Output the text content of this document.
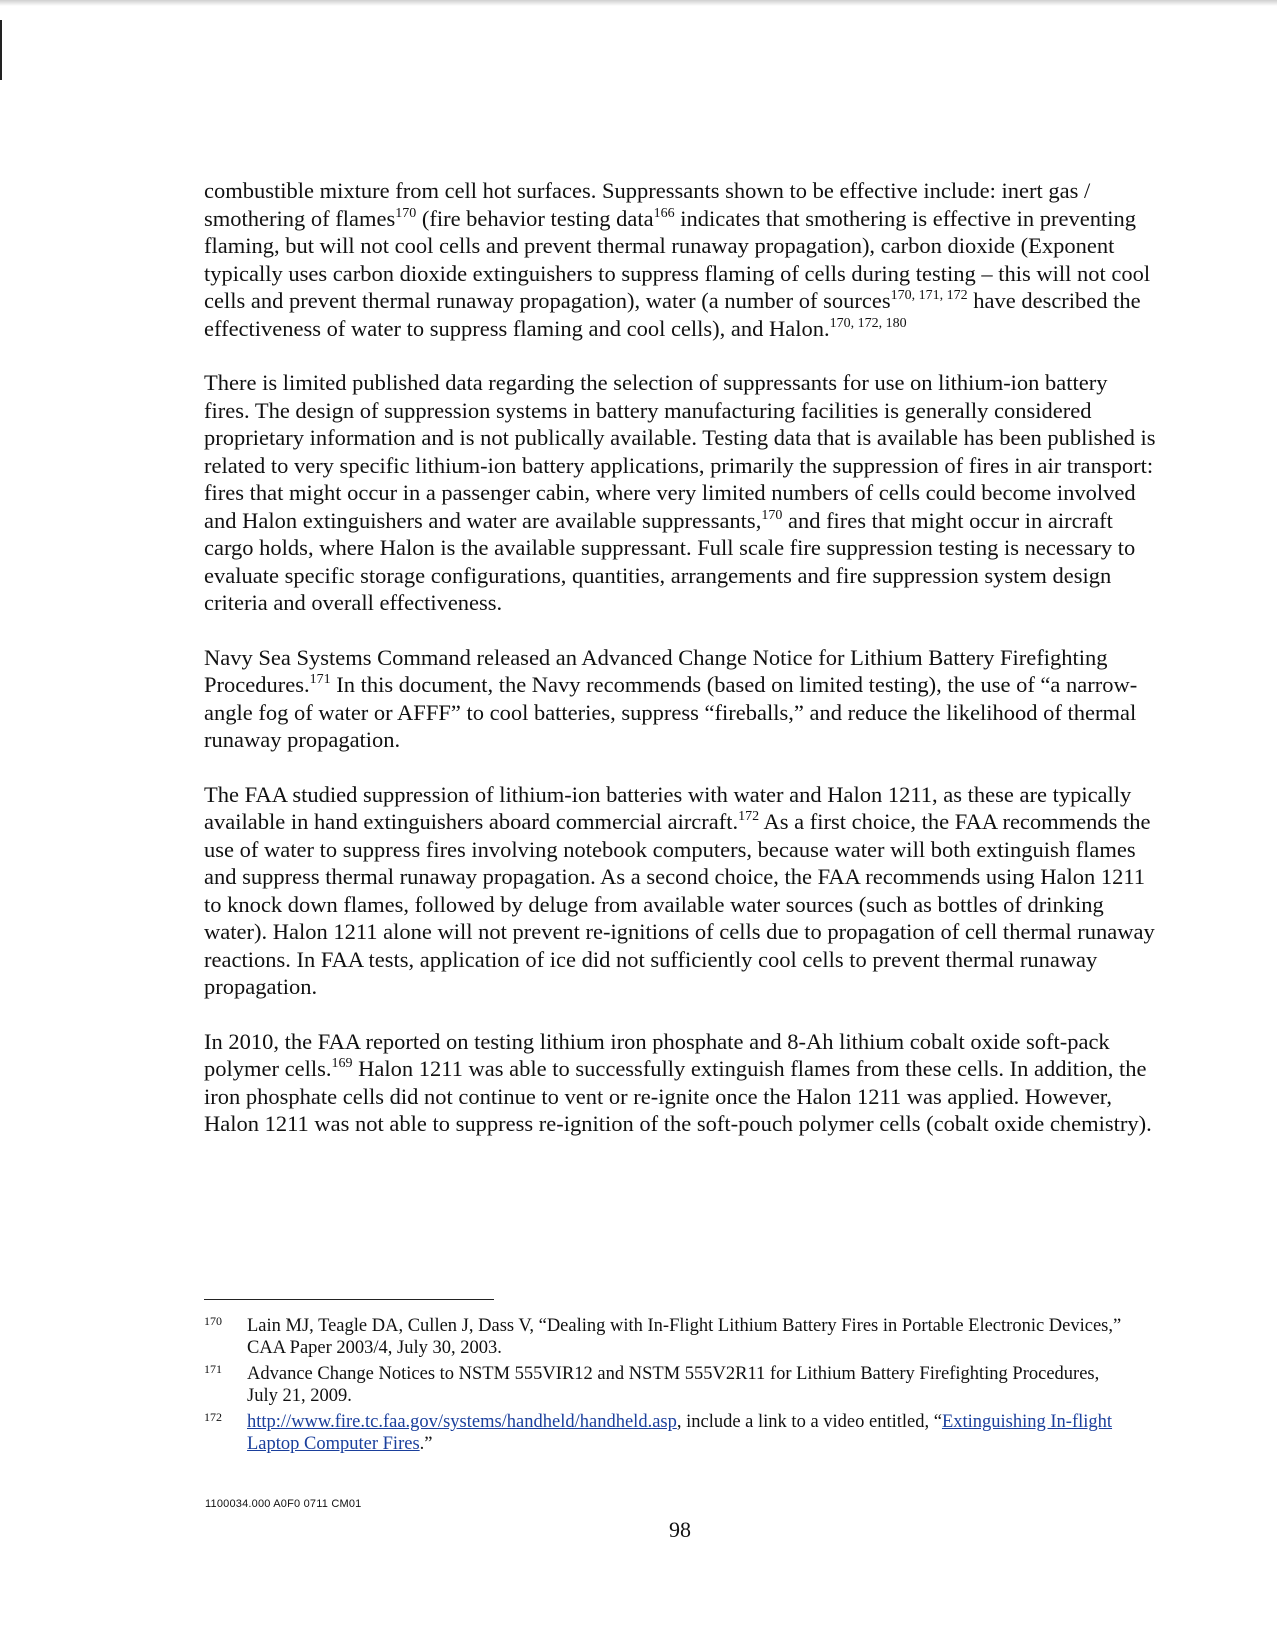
combustible mixture from cell hot surfaces. Suppressants shown to be effective include: inert gas / smothering of flames$^{170}$ (fire behavior testing data$^{166}$ indicates that smothering is effective in preventing flaming, but will not cool cells and prevent thermal runaway propagation), carbon dioxide (Exponent typically uses carbon dioxide extinguishers to suppress flaming of cells during testing – this will not cool cells and prevent thermal runaway propagation), water (a number of sources$^{170, 171, 172}$ have described the effectiveness of water to suppress flaming and cool cells), and Halon.$^{170, 172, 180}$

There is limited published data regarding the selection of suppressants for use on lithium-ion battery fires. The design of suppression systems in battery manufacturing facilities is generally considered proprietary information and is not publically available. Testing data that is available has been published is related to very specific lithium-ion battery applications, primarily the suppression of fires in air transport: fires that might occur in a passenger cabin, where very limited numbers of cells could become involved and Halon extinguishers and water are available suppressants,$^{170}$ and fires that might occur in aircraft cargo holds, where Halon is the available suppressant. Full scale fire suppression testing is necessary to evaluate specific storage configurations, quantities, arrangements and fire suppression system design criteria and overall effectiveness.

Navy Sea Systems Command released an Advanced Change Notice for Lithium Battery Firefighting Procedures.$^{171}$ In this document, the Navy recommends (based on limited testing), the use of “a narrow-angle fog of water or AFFF” to cool batteries, suppress “fireballs,” and reduce the likelihood of thermal runaway propagation.

The FAA studied suppression of lithium-ion batteries with water and Halon 1211, as these are typically available in hand extinguishers aboard commercial aircraft.$^{172}$ As a first choice, the FAA recommends the use of water to suppress fires involving notebook computers, because water will both extinguish flames and suppress thermal runaway propagation. As a second choice, the FAA recommends using Halon 1211 to knock down flames, followed by deluge from available water sources (such as bottles of drinking water). Halon 1211 alone will not prevent re-ignitions of cells due to propagation of cell thermal runaway reactions. In FAA tests, application of ice did not sufficiently cool cells to prevent thermal runaway propagation.

In 2010, the FAA reported on testing lithium iron phosphate and 8-Ah lithium cobalt oxide soft-pack polymer cells.$^{169}$ Halon 1211 was able to successfully extinguish flames from these cells. In addition, the iron phosphate cells did not continue to vent or re-ignite once the Halon 1211 was applied. However, Halon 1211 was not able to suppress re-ignition of the soft-pouch polymer cells (cobalt oxide chemistry).

170 Lain MJ, Teagle DA, Cullen J, Dass V, “Dealing with In-Flight Lithium Battery Fires in Portable Electronic Devices,” CAA Paper 2003/4, July 30, 2003.
171 Advance Change Notices to NSTM 555VIR12 and NSTM 555V2R11 for Lithium Battery Firefighting Procedures, July 21, 2009.
172 http://www.fire.tc.faa.gov/systems/handheld/handheld.asp, include a link to a video entitled, “Extinguishing In-flight Laptop Computer Fires.”
1100034.000 A0F0 0711 CM01
98
